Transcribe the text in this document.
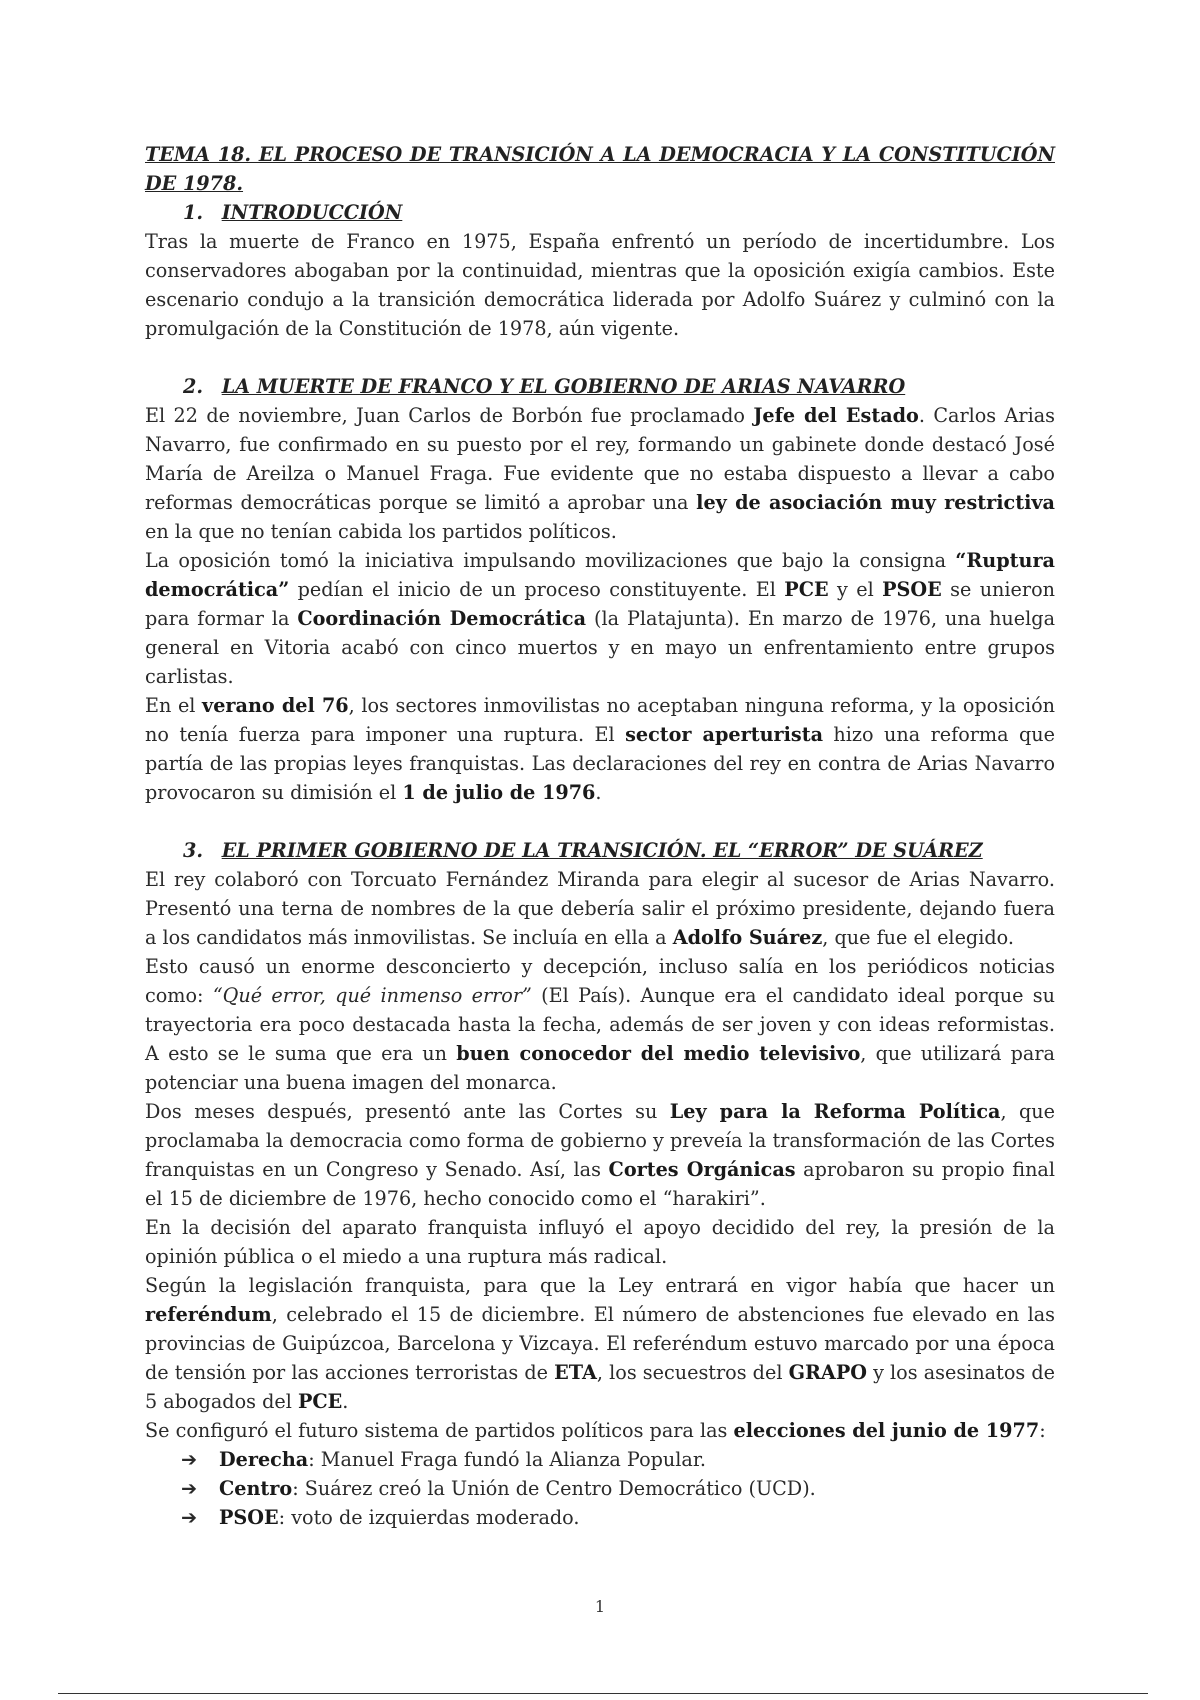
TEMA 18. EL PROCESO DE TRANSICIÓN A LA DEMOCRACIA Y LA CONSTITUCIÓN DE 1978.

1. INTRODUCCIÓN

Tras la muerte de Franco en 1975, España enfrentó un período de incertidumbre. Los conservadores abogaban por la continuidad, mientras que la oposición exigía cambios. Este escenario condujo a la transición democrática liderada por Adolfo Suárez y culminó con la promulgación de la Constitución de 1978, aún vigente.

2. LA MUERTE DE FRANCO Y EL GOBIERNO DE ARIAS NAVARRO

El 22 de noviembre, Juan Carlos de Borbón fue proclamado Jefe del Estado. Carlos Arias Navarro, fue confirmado en su puesto por el rey, formando un gabinete donde destacó José María de Areilza o Manuel Fraga. Fue evidente que no estaba dispuesto a llevar a cabo reformas democráticas porque se limitó a aprobar una ley de asociación muy restrictiva en la que no tenían cabida los partidos políticos.

La oposición tomó la iniciativa impulsando movilizaciones que bajo la consigna “Ruptura democrática” pedían el inicio de un proceso constituyente. El PCE y el PSOE se unieron para formar la Coordinación Democrática (la Platajunta). En marzo de 1976, una huelga general en Vitoria acabó con cinco muertos y en mayo un enfrentamiento entre grupos carlistas.

En el verano del 76, los sectores inmovilistas no aceptaban ninguna reforma, y la oposición no tenía fuerza para imponer una ruptura. El sector aperturista hizo una reforma que partía de las propias leyes franquistas. Las declaraciones del rey en contra de Arias Navarro provocaron su dimisión el 1 de julio de 1976.

3. EL PRIMER GOBIERNO DE LA TRANSICIÓN. EL “ERROR” DE SUÁREZ

El rey colaboró con Torcuato Fernández Miranda para elegir al sucesor de Arias Navarro. Presentó una terna de nombres de la que debería salir el próximo presidente, dejando fuera a los candidatos más inmovilistas. Se incluía en ella a Adolfo Suárez, que fue el elegido.

Esto causó un enorme desconcierto y decepción, incluso salía en los periódicos noticias como: “Qué error, qué inmenso error” (El País). Aunque era el candidato ideal porque su trayectoria era poco destacada hasta la fecha, además de ser joven y con ideas reformistas. A esto se le suma que era un buen conocedor del medio televisivo, que utilizará para potenciar una buena imagen del monarca.

Dos meses después, presentó ante las Cortes su Ley para la Reforma Política, que proclamaba la democracia como forma de gobierno y preveía la transformación de las Cortes franquistas en un Congreso y Senado. Así, las Cortes Orgánicas aprobaron su propio final el 15 de diciembre de 1976, hecho conocido como el “harakiri”.

En la decisión del aparato franquista influyó el apoyo decidido del rey, la presión de la opinión pública o el miedo a una ruptura más radical.

Según la legislación franquista, para que la Ley entrará en vigor había que hacer un referéndum, celebrado el 15 de diciembre. El número de abstenciones fue elevado en las provincias de Guipúzcoa, Barcelona y Vizcaya. El referéndum estuvo marcado por una época de tensión por las acciones terroristas de ETA, los secuestros del GRAPO y los asesinatos de 5 abogados del PCE.

Se configuró el futuro sistema de partidos políticos para las elecciones del junio de 1977:

➔ Derecha: Manuel Fraga fundó la Alianza Popular.
➔ Centro: Suárez creó la Unión de Centro Democrático (UCD).
➔ PSOE: voto de izquierdas moderado.
1
